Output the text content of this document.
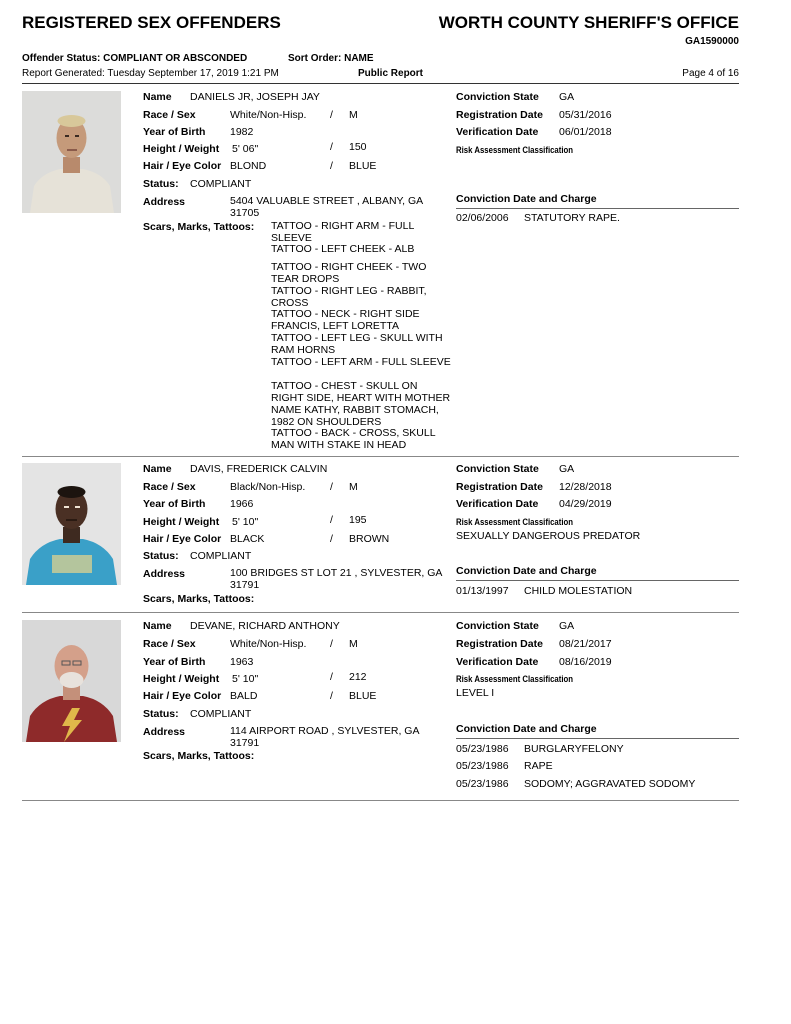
REGISTERED SEX OFFENDERS	WORTH COUNTY SHERIFF'S OFFICE
GA1590000
Offender Status: COMPLIANT OR ABSCONDED	Sort Order: NAME
Report Generated: Tuesday September 17, 2019 1:21 PM	Public Report	Page 4 of 16
Name DANIELS JR, JOSEPH JAY
Race / Sex	White/Non-Hisp. / M
Year of Birth 1982
Height / Weight 5' 06"	/ 150
Hair / Eye Color BLOND	/ BLUE
Status: COMPLIANT
Address	5404 VALUABLE STREET , ALBANY, GA 31705
Scars, Marks, Tattoos: TATTOO - RIGHT ARM - FULL SLEEVE
TATTOO - LEFT CHEEK - ALB
TATTOO - RIGHT CHEEK - TWO TEAR DROPS
TATTOO - RIGHT LEG - RABBIT, CROSS
TATTOO - NECK - RIGHT SIDE FRANCIS, LEFT LORETTA
TATTOO - LEFT LEG - SKULL WITH RAM HORNS
TATTOO - LEFT ARM - FULL SLEEVE
TATTOO - CHEST - SKULL ON RIGHT SIDE, HEART WITH MOTHER NAME KATHY, RABBIT STOMACH, 1982 ON SHOULDERS
TATTOO - BACK - CROSS, SKULL MAN WITH STAKE IN HEAD
Conviction State GA
Registration Date 05/31/2016
Verification Date 06/01/2018
Risk Assessment Classification
Conviction Date and Charge
02/06/2006 STATUTORY RAPE.
Name DAVIS, FREDERICK CALVIN
Race / Sex	Black/Non-Hisp. / M
Year of Birth 1966
Height / Weight 5' 10"	/ 195
Hair / Eye Color BLACK	/ BROWN
Status: COMPLIANT
Address	100 BRIDGES ST LOT 21 , SYLVESTER, GA 31791
Scars, Marks, Tattoos:
Conviction State GA
Registration Date 12/28/2018
Verification Date 04/29/2019
Risk Assessment Classification
SEXUALLY DANGEROUS PREDATOR
Conviction Date and Charge
01/13/1997 CHILD MOLESTATION
Name DEVANE, RICHARD ANTHONY
Race / Sex	White/Non-Hisp. / M
Year of Birth 1963
Height / Weight 5' 10"	/ 212
Hair / Eye Color BALD	/ BLUE
Status: COMPLIANT
Address	114 AIRPORT ROAD , SYLVESTER, GA 31791
Scars, Marks, Tattoos:
Conviction State GA
Registration Date 08/21/2017
Verification Date 08/16/2019
Risk Assessment Classification
LEVEL I
Conviction Date and Charge
05/23/1986 BURGLARYFELONY
05/23/1986 RAPE
05/23/1986 SODOMY; AGGRAVATED SODOMY
